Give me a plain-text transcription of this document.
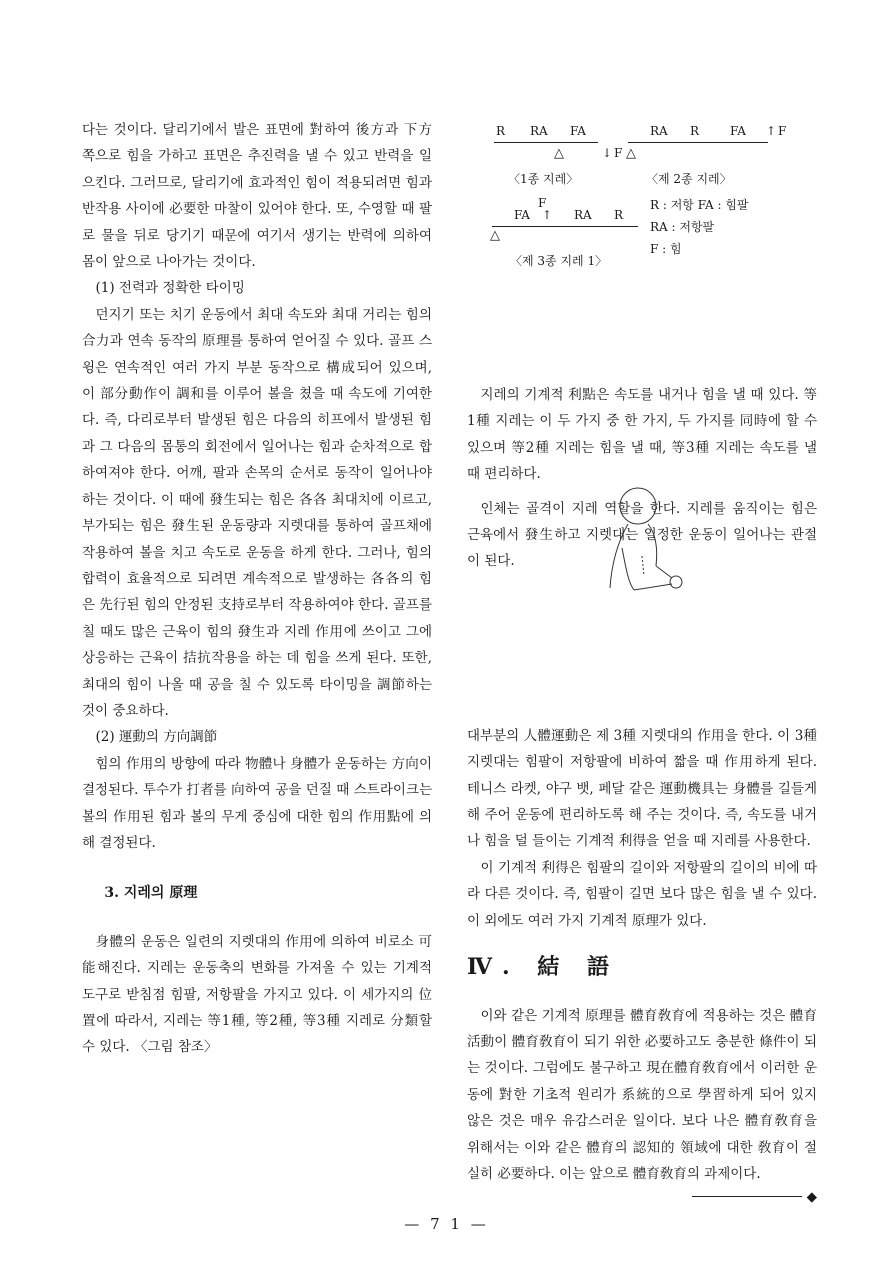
다는 것이다. 달리기에서 발은 표면에 對하여 後方과 下方 쪽으로 힘을 가하고 표면은 추진력을 낼 수 있고 반력을 일으킨다. 그러므로, 달리기에 효과적인 힘이 적용되려면 힘과 반작용 사이에 必要한 마찰이 있어야 한다. 또, 수영할 때 팔로 물을 뒤로 당기기 때문에 여기서 생기는 반력에 의하여 몸이 앞으로 나아가는 것이다.

(1) 전력과 정확한 타이밍

던지기 또는 치기 운동에서 최대 속도와 최대 거리는 힘의 合力과 연속 동작의 原理를 통하여 얻어질 수 있다. 골프 스윙은 연속적인 여러 가지 부분 동작으로 構成되어 있으며, 이 部分動作이 調和를 이루어 볼을 쳤을 때 속도에 기여한다. 즉, 다리로부터 발생된 힘은 다음의 히프에서 발생된 힘과 그 다음의 몸통의 회전에서 일어나는 힘과 순차적으로 합하여져야 한다. 어깨, 팔과 손목의 순서로 동작이 일어나야 하는 것이다. 이 때에 發生되는 힘은 各各 최대치에 이르고, 부가되는 힘은 發生된 운동량과 지렛대를 통하여 골프채에 작용하여 볼을 치고 속도로 운동을 하게 한다. 그러나, 힘의 합력이 효율적으로 되려면 계속적으로 발생하는 各各의 힘은 先行된 힘의 안정된 支持로부터 작용하여야 한다. 골프를 칠 때도 많은 근육이 힘의 發生과 지레 作用에 쓰이고 그에 상응하는 근육이 拮抗작용을 하는 데 힘을 쓰게 된다. 또한, 최대의 힘이 나올 때 공을 칠 수 있도록 타이밍을 調節하는 것이 중요하다.

(2) 運動의 方向調節

힘의 作用의 방향에 따라 物體나 身體가 운동하는 方向이 결정된다. 투수가 打者를 向하여 공을 던질 때 스트라이크는 볼의 作用된 힘과 볼의 무게 중심에 대한 힘의 作用點에 의해 결정된다.

3. 지레의 原理

身體의 운동은 일련의 지렛대의 作用에 의하여 비로소 可能해진다. 지레는 운동축의 변화를 가져올 수 있는 기계적 도구로 받침점 힘팔, 저항팔을 가지고 있다. 이 세가지의 位置에 따라서, 지레는 等1種, 等2種, 等3種 지레로 分類할 수 있다. 〈그림 참조〉

R RA FA
△	↓ F
〈1종 지레〉
△
RA R	FA ↑ F
〈제 2종 지레〉
F
FA ↑ RA R
△
〈제 3종 지레 1〉
R : 저항 FA : 힘팔
RA : 저항팔
F : 힘

지레의 기계적 利點은 속도를 내거나 힘을 낼 때 있다. 等1種 지레는 이 두 가지 중 한 가지, 두 가지를 同時에 할 수 있으며 等2種 지레는 힘을 낼 때, 等3種 지레는 속도를 낼 때 편리하다.

인체는 골격이 지레 역할을 한다. 지레를 움직이는 힘은 근육에서 發生하고 지렛대는 일정한 운동이 일어나는 관절이 된다.

대부분의 人體運動은 제 3種 지렛대의 作用을 한다. 이 3種 지렛대는 힘팔이 저항팔에 비하여 짧을 때 作用하게 된다. 테니스 라켓, 야구 뱃, 페달 같은 運動機具는 身體를 길들게 해 주어 운동에 편리하도록 해 주는 것이다. 즉, 속도를 내거나 힘을 덜 들이는 기계적 利得을 얻을 때 지레를 사용한다.

이 기계적 利得은 힘팔의 길이와 저항팔의 길이의 비에 따라 다른 것이다. 즉, 힘팔이 길면 보다 많은 힘을 낼 수 있다. 이 외에도 여러 가지 기계적 原理가 있다.

Ⅳ. 結 語

이와 같은 기계적 原理를 體育敎育에 적용하는 것은 體育活動이 體育敎育이 되기 위한 必要하고도 충분한 條件이 되는 것이다. 그럼에도 불구하고 現在體育敎育에서 이러한 운동에 對한 기초적 원리가 系統的으로 學習하게 되어 있지 않은 것은 매우 유감스러운 일이다. 보다 나은 體育敎育을 위해서는 이와 같은 體育의 認知的 領域에 대한 敎育이 절실히 必要하다. 이는 앞으로 體育敎育의 과제이다.

◆
— 7 1 —
